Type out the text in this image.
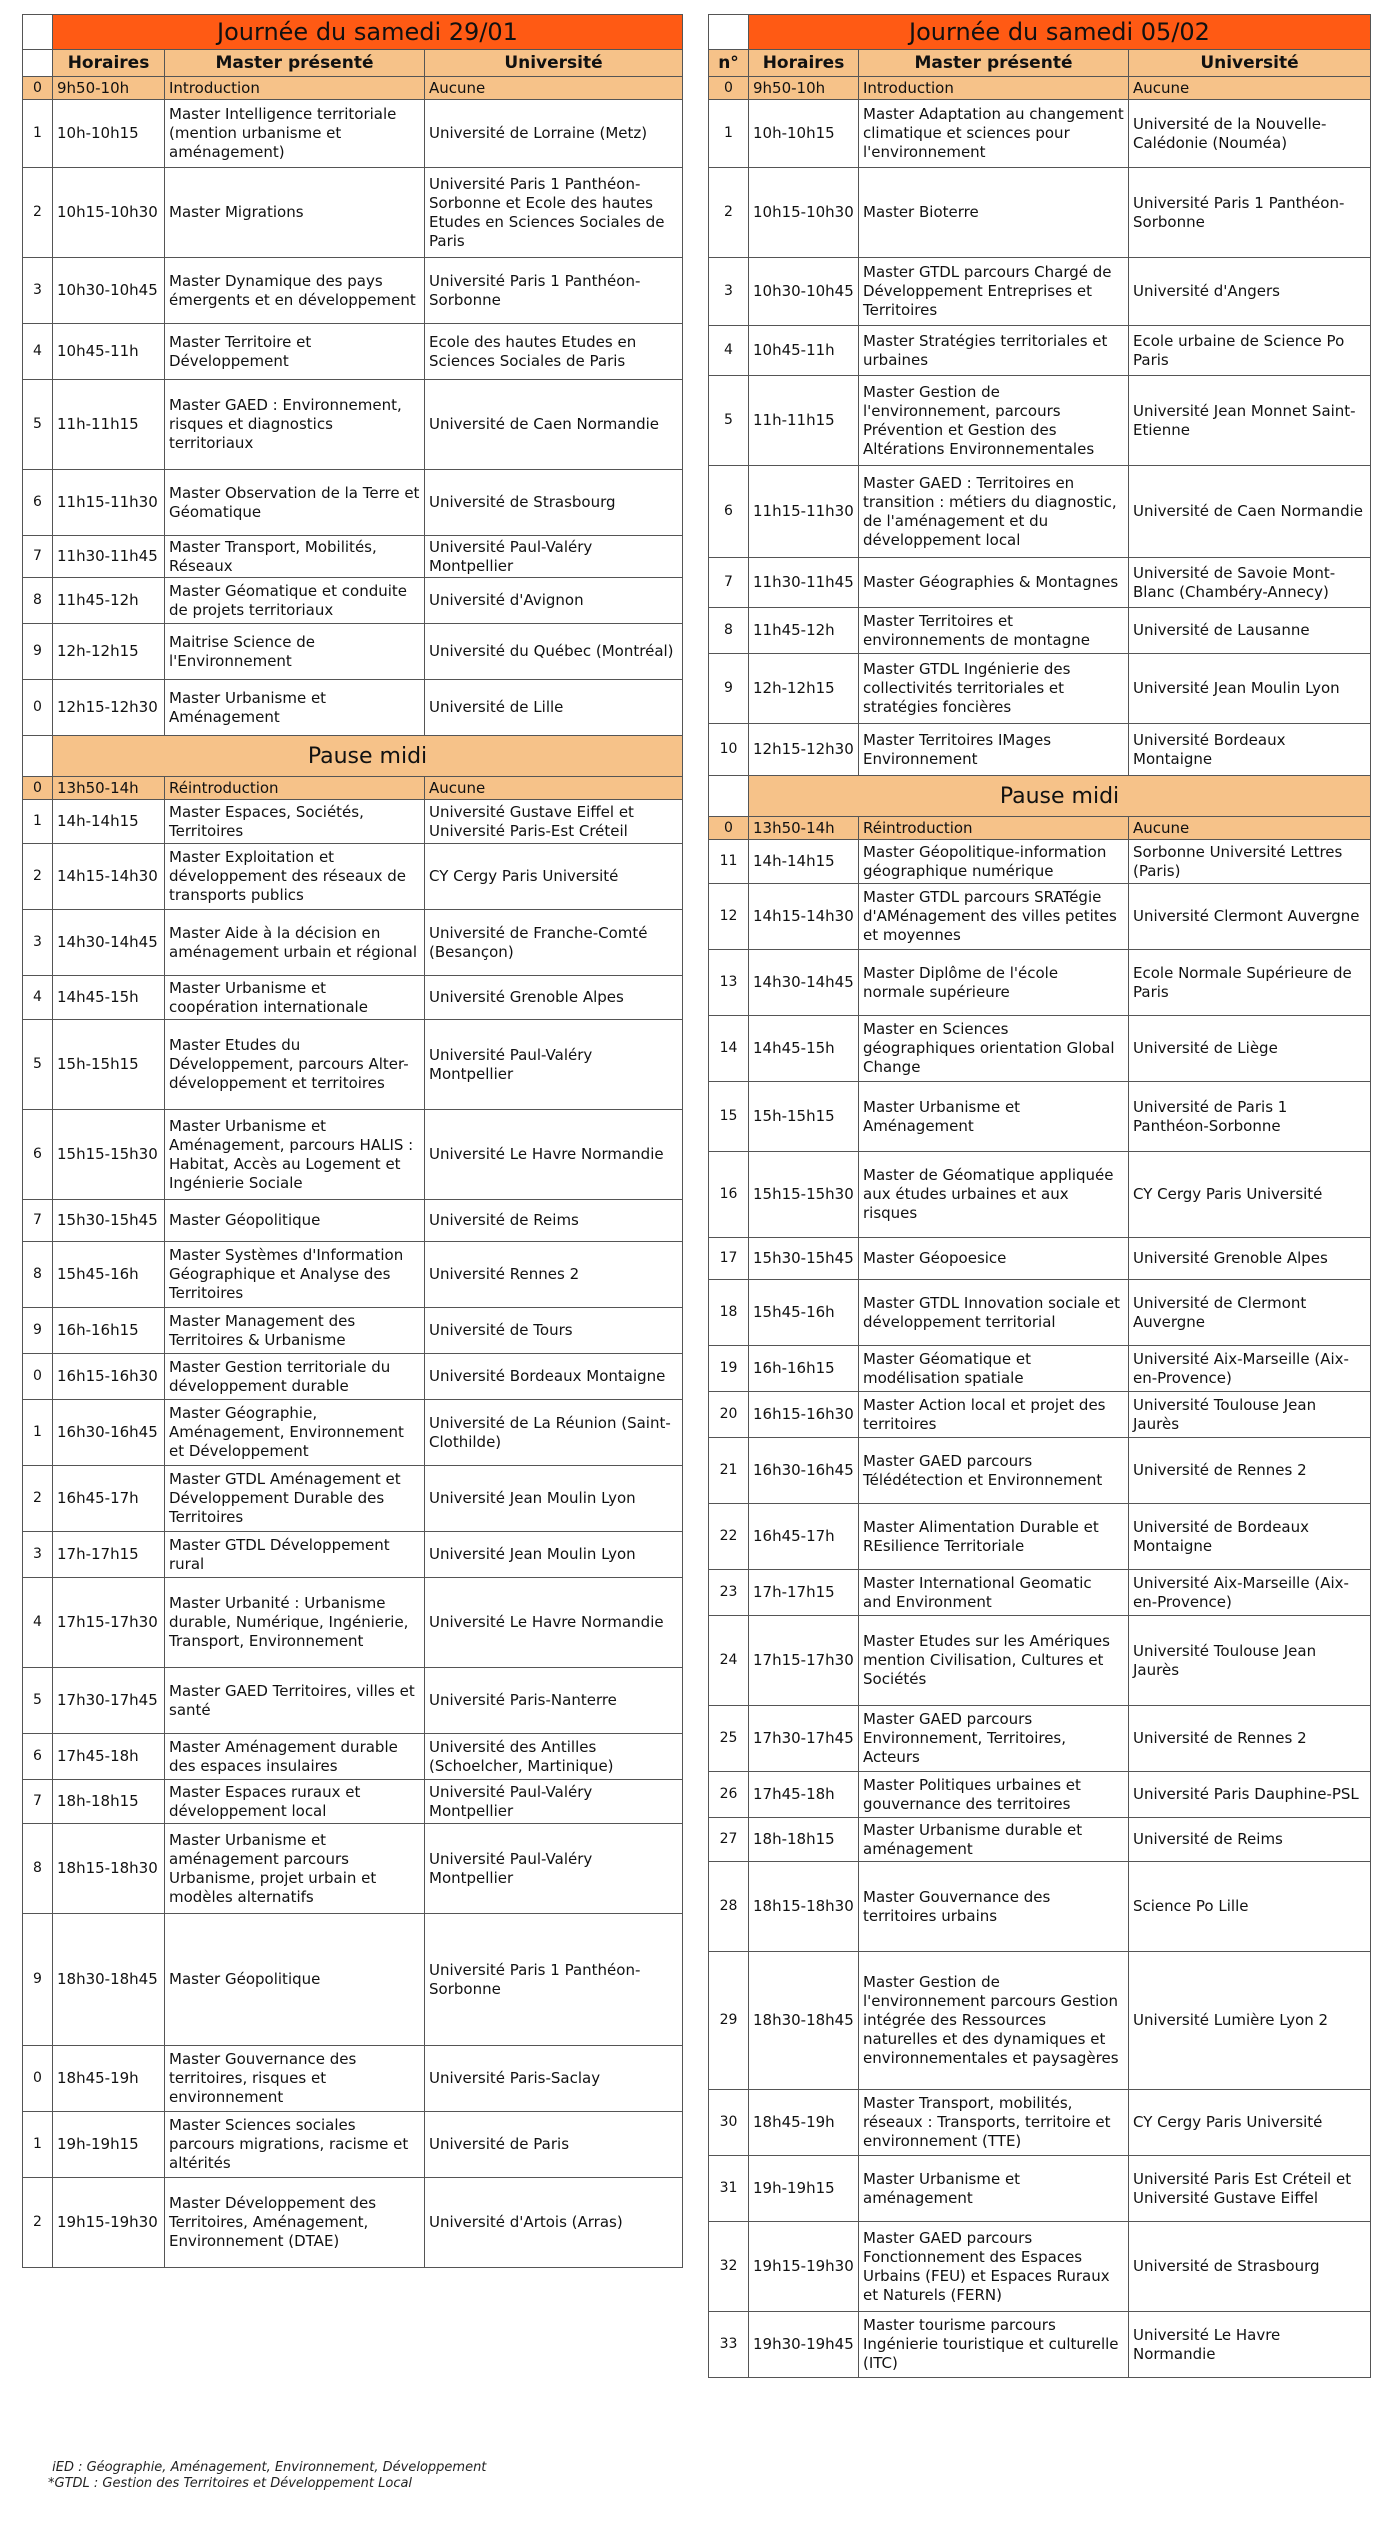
	Journée du samedi 29/01		
	Horaires	Master présenté	Université
0	9h50-10h	Introduction	Aucune
1	10h-10h15	Master Intelligence territoriale (mention urbanisme et aménagement)	Université de Lorraine (Metz)
2	10h15-10h30	Master Migrations	Université Paris 1 Panthéon-Sorbonne et Ecole des hautes Etudes en Sciences Sociales de Paris
3	10h30-10h45	Master Dynamique des pays émergents et en développement	Université Paris 1 Panthéon-Sorbonne
4	10h45-11h	Master Territoire et Développement	Ecole des hautes Etudes en Sciences Sociales de Paris
5	11h-11h15	Master GAED : Environnement, risques et diagnostics territoriaux	Université de Caen Normandie
6	11h15-11h30	Master Observation de la Terre et Géomatique	Université de Strasbourg
7	11h30-11h45	Master Transport, Mobilités, Réseaux	Université Paul-Valéry Montpellier
8	11h45-12h	Master Géomatique et conduite de projets territoriaux	Université d'Avignon
9	12h-12h15	Maitrise Science de l'Environnement	Université du Québec (Montréal)
0	12h15-12h30	Master Urbanisme et Aménagement	Université de Lille
	Pause midi		
0	13h50-14h	Réintroduction	Aucune
1	14h-14h15	Master Espaces, Sociétés, Territoires	Université Gustave Eiffel et Université Paris-Est Créteil
2	14h15-14h30	Master Exploitation et développement des réseaux de transports publics	CY Cergy Paris Université
3	14h30-14h45	Master Aide à la décision en aménagement urbain et régional	Université de Franche-Comté (Besançon)
4	14h45-15h	Master Urbanisme et coopération internationale	Université Grenoble Alpes
5	15h-15h15	Master Etudes du Développement, parcours Alter-développement et territoires	Université Paul-Valéry Montpellier
6	15h15-15h30	Master Urbanisme et Aménagement, parcours HALIS : Habitat, Accès au Logement et Ingénierie Sociale	Université Le Havre Normandie
7	15h30-15h45	Master Géopolitique	Université de Reims
8	15h45-16h	Master Systèmes d'Information Géographique et Analyse des Territoires	Université Rennes 2
9	16h-16h15	Master Management des Territoires & Urbanisme	Université de Tours
0	16h15-16h30	Master Gestion territoriale du développement durable	Université Bordeaux Montaigne
1	16h30-16h45	Master Géographie, Aménagement, Environnement et Développement	Université de La Réunion (Saint-Clothilde)
2	16h45-17h	Master GTDL Aménagement et Développement Durable des Territoires	Université Jean Moulin Lyon
3	17h-17h15	Master GTDL Développement rural	Université Jean Moulin Lyon
4	17h15-17h30	Master Urbanité : Urbanisme durable, Numérique, Ingénierie, Transport, Environnement	Université Le Havre Normandie
5	17h30-17h45	Master GAED Territoires, villes et santé	Université Paris-Nanterre
6	17h45-18h	Master Aménagement durable des espaces insulaires	Université des Antilles (Schoelcher, Martinique)
7	18h-18h15	Master Espaces ruraux et développement local	Université Paul-Valéry Montpellier
8	18h15-18h30	Master Urbanisme et aménagement parcours Urbanisme, projet urbain et modèles alternatifs	Université Paul-Valéry Montpellier
9	18h30-18h45	Master Géopolitique	Université Paris 1 Panthéon-Sorbonne
0	18h45-19h	Master Gouvernance des territoires, risques et environnement	Université Paris-Saclay
1	19h-19h15	Master Sciences sociales parcours migrations, racisme et altérités	Université de Paris
2	19h15-19h30	Master Développement des Territoires, Aménagement, Environnement (DTAE)	Université d'Artois (Arras)
	Journée du samedi 05/02		
n°	Horaires	Master présenté	Université
0	9h50-10h	Introduction	Aucune
1	10h-10h15	Master Adaptation au changement climatique et sciences pour l'environnement	Université de la Nouvelle-Calédonie (Nouméa)
2	10h15-10h30	Master Bioterre	Université Paris 1 Panthéon-Sorbonne
3	10h30-10h45	Master GTDL parcours Chargé de Développement Entreprises et Territoires	Université d'Angers
4	10h45-11h	Master Stratégies territoriales et urbaines	Ecole urbaine de Science Po Paris
5	11h-11h15	Master Gestion de l'environnement, parcours Prévention et Gestion des Altérations Environnementales	Université Jean Monnet Saint-Etienne
6	11h15-11h30	Master GAED : Territoires en transition : métiers du diagnostic, de l'aménagement et du développement local	Université de Caen Normandie
7	11h30-11h45	Master Géographies & Montagnes	Université de Savoie Mont-Blanc (Chambéry-Annecy)
8	11h45-12h	Master Territoires et environnements de montagne	Université de Lausanne
9	12h-12h15	Master GTDL Ingénierie des collectivités territoriales et stratégies foncières	Université Jean Moulin Lyon
10	12h15-12h30	Master Territoires IMages Environnement	Université Bordeaux Montaigne
	Pause midi		
0	13h50-14h	Réintroduction	Aucune
11	14h-14h15	Master Géopolitique-information géographique numérique	Sorbonne Université Lettres (Paris)
12	14h15-14h30	Master GTDL parcours SRATégie d'AMénagement des villes petites et moyennes	Université Clermont Auvergne
13	14h30-14h45	Master Diplôme de l'école normale supérieure	Ecole Normale Supérieure de Paris
14	14h45-15h	Master en Sciences géographiques orientation Global Change	Université de Liège
15	15h-15h15	Master Urbanisme et Aménagement	Université de Paris 1 Panthéon-Sorbonne
16	15h15-15h30	Master de Géomatique appliquée aux études urbaines et aux risques	CY Cergy Paris Université
17	15h30-15h45	Master Géopoesice	Université Grenoble Alpes
18	15h45-16h	Master GTDL Innovation sociale et développement territorial	Université de Clermont Auvergne
19	16h-16h15	Master Géomatique et modélisation spatiale	Université Aix-Marseille (Aix-en-Provence)
20	16h15-16h30	Master Action local et projet des territoires	Université Toulouse Jean Jaurès
21	16h30-16h45	Master GAED parcours Télédétection et Environnement	Université de Rennes 2
22	16h45-17h	Master Alimentation Durable et REsilience Territoriale	Université de Bordeaux Montaigne
23	17h-17h15	Master International Geomatic and Environment	Université Aix-Marseille (Aix-en-Provence)
24	17h15-17h30	Master Etudes sur les Amériques mention Civilisation, Cultures et Sociétés	Université Toulouse Jean Jaurès
25	17h30-17h45	Master GAED parcours Environnement, Territoires, Acteurs	Université de Rennes 2
26	17h45-18h	Master Politiques urbaines et gouvernance des territoires	Université Paris Dauphine-PSL
27	18h-18h15	Master Urbanisme durable et aménagement	Université de Reims
28	18h15-18h30	Master Gouvernance des territoires urbains	Science Po Lille
29	18h30-18h45	Master Gestion de l'environnement parcours Gestion intégrée des Ressources naturelles et des dynamiques et environnementales et paysagères	Université Lumière Lyon 2
30	18h45-19h	Master Transport, mobilités, réseaux : Transports, territoire et environnement (TTE)	CY Cergy Paris Université
31	19h-19h15	Master Urbanisme et aménagement	Université Paris Est Créteil et Université Gustave Eiffel
32	19h15-19h30	Master GAED parcours Fonctionnement des Espaces Urbains (FEU) et Espaces Ruraux et Naturels (FERN)	Université de Strasbourg
33	19h30-19h45	Master tourisme parcours Ingénierie touristique et culturelle (ITC)	Université Le Havre Normandie
iED : Géographie, Aménagement, Environnement, Développement
*GTDL : Gestion des Territoires et Développement Local
